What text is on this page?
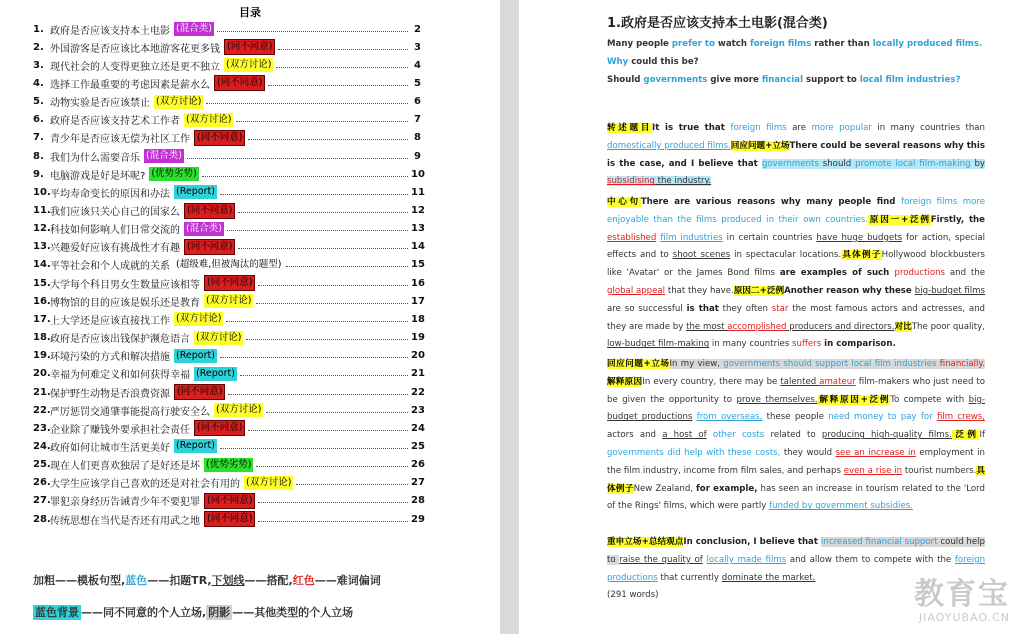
目录
1. 政府是否应该支持本土电影 (混合类)	2
2. 外国游客是否应该比本地游客花更多钱 (同不同意)	3
3. 现代社会的人变得更独立还是更不独立 (双方讨论)	4
4. 选择工作最重要的考虑因素是薪水么 (同不同意)	5
5. 动物实验是否应该禁止 (双方讨论)	6
6. 政府是否应该支持艺术工作者 (双方讨论)	7
7. 青少年是否应该无偿为社区工作 (同不同意)	8
8. 我们为什么需要音乐 (混合类)	9
9. 电脑游戏是好是坏呢? (优势劣势)	10
10. 平均寿命变长的原因和办法 (Report)	11
11. 我们应该只关心自己的国家么 (同不同意)	12
12. 科技如何影响人们日常交流的 (混合类)	13
13. 兴趣爱好应该有挑战性才有趣 (同不同意)	14
14. 平等社会和个人成就的关系 (超级难,但被淘汰的题型)	15
15. 大学每个科目男女生数量应该相等 (同不同意)	16
16. 博物馆的目的应该是娱乐还是教育 (双方讨论)	17
17. 上大学还是应该直接找工作 (双方讨论)	18
18. 政府是否应该出钱保护濒危语言 (双方讨论)	19
19. 环境污染的方式和解决措施 (Report)	20
20. 幸福为何难定义和如何获得幸福 (Report)	21
21. 保护野生动物是否浪费资源 (同不同意)	22
22. 严厉惩罚交通肇事能提高行驶安全么 (双方讨论)	23
23. 企业除了赚钱外要承担社会责任 (同不同意)	24
24. 政府如何让城市生活更美好 (Report)	25
25. 现在人们更喜欢独居了是好还是坏 (优势劣势)	26
26. 大学生应该学自己喜欢的还是对社会有用的 (双方讨论)	27
27. 罪犯亲身经历告诫青少年不要犯罪 (同不同意)	28
28. 传统思想在当代是否还有用武之地 (同不同意)	29
加粗——模板句型,蓝色——扣题TR,下划线——搭配,红色——难词偏词
蓝色背景 ——同不同意的个人立场, 阴影 ——其他类型的个人立场
1.政府是否应该支持本土电影(混合类)
Many people prefer to watch foreign films rather than locally produced films.
Why could this be?
Should governments give more financial support to local film industries?
转述题目It is true that foreign films are more popular in many countries than domestically produced films.回应问题+立场There could be several reasons why this is the case, and I believe that governments should promote local film-making by subsidising the industry.
中心句There are various reasons why many people find foreign films more enjoyable than the films produced in their own countries.原因一+泛例Firstly, the established film industries in certain countries have huge budgets for action, special effects and to shoot scenes in spectacular locations.具体例子Hollywood blockbusters like 'Avatar' or the James Bond films are examples of such productions and the global appeal that they have.原因二+泛例Another reason why these big-budget films are so successful is that they often star the most famous actors and actresses, and they are made by the most accomplished producers and directors.对比The poor quality, low-budget film-making in many countries suffers in comparison.
回应问题+立场In my view, governments should support local film industries financially.解释原因In every country, there may be talented amateur film-makers who just need to be given the opportunity to prove themselves.解释原因+泛例To compete with big-budget productions from overseas, these people need money to pay for film crews, actors and a host of other costs related to producing high-quality films.泛例If governments did help with these costs, they would see an increase in employment in the film industry, income from film sales, and perhaps even a rise in tourist numbers.具体例子New Zealand, for example, has seen an increase in tourism related to the 'Lord of the Rings' films, which were partly funded by government subsidies.
重申立场+总结观点In conclusion, I believe that increased financial support could help to raise the quality of locally made films and allow them to compete with the foreign productions that currently dominate the market.
(291 words)	教育宝
JIAOYUBAO.CN
